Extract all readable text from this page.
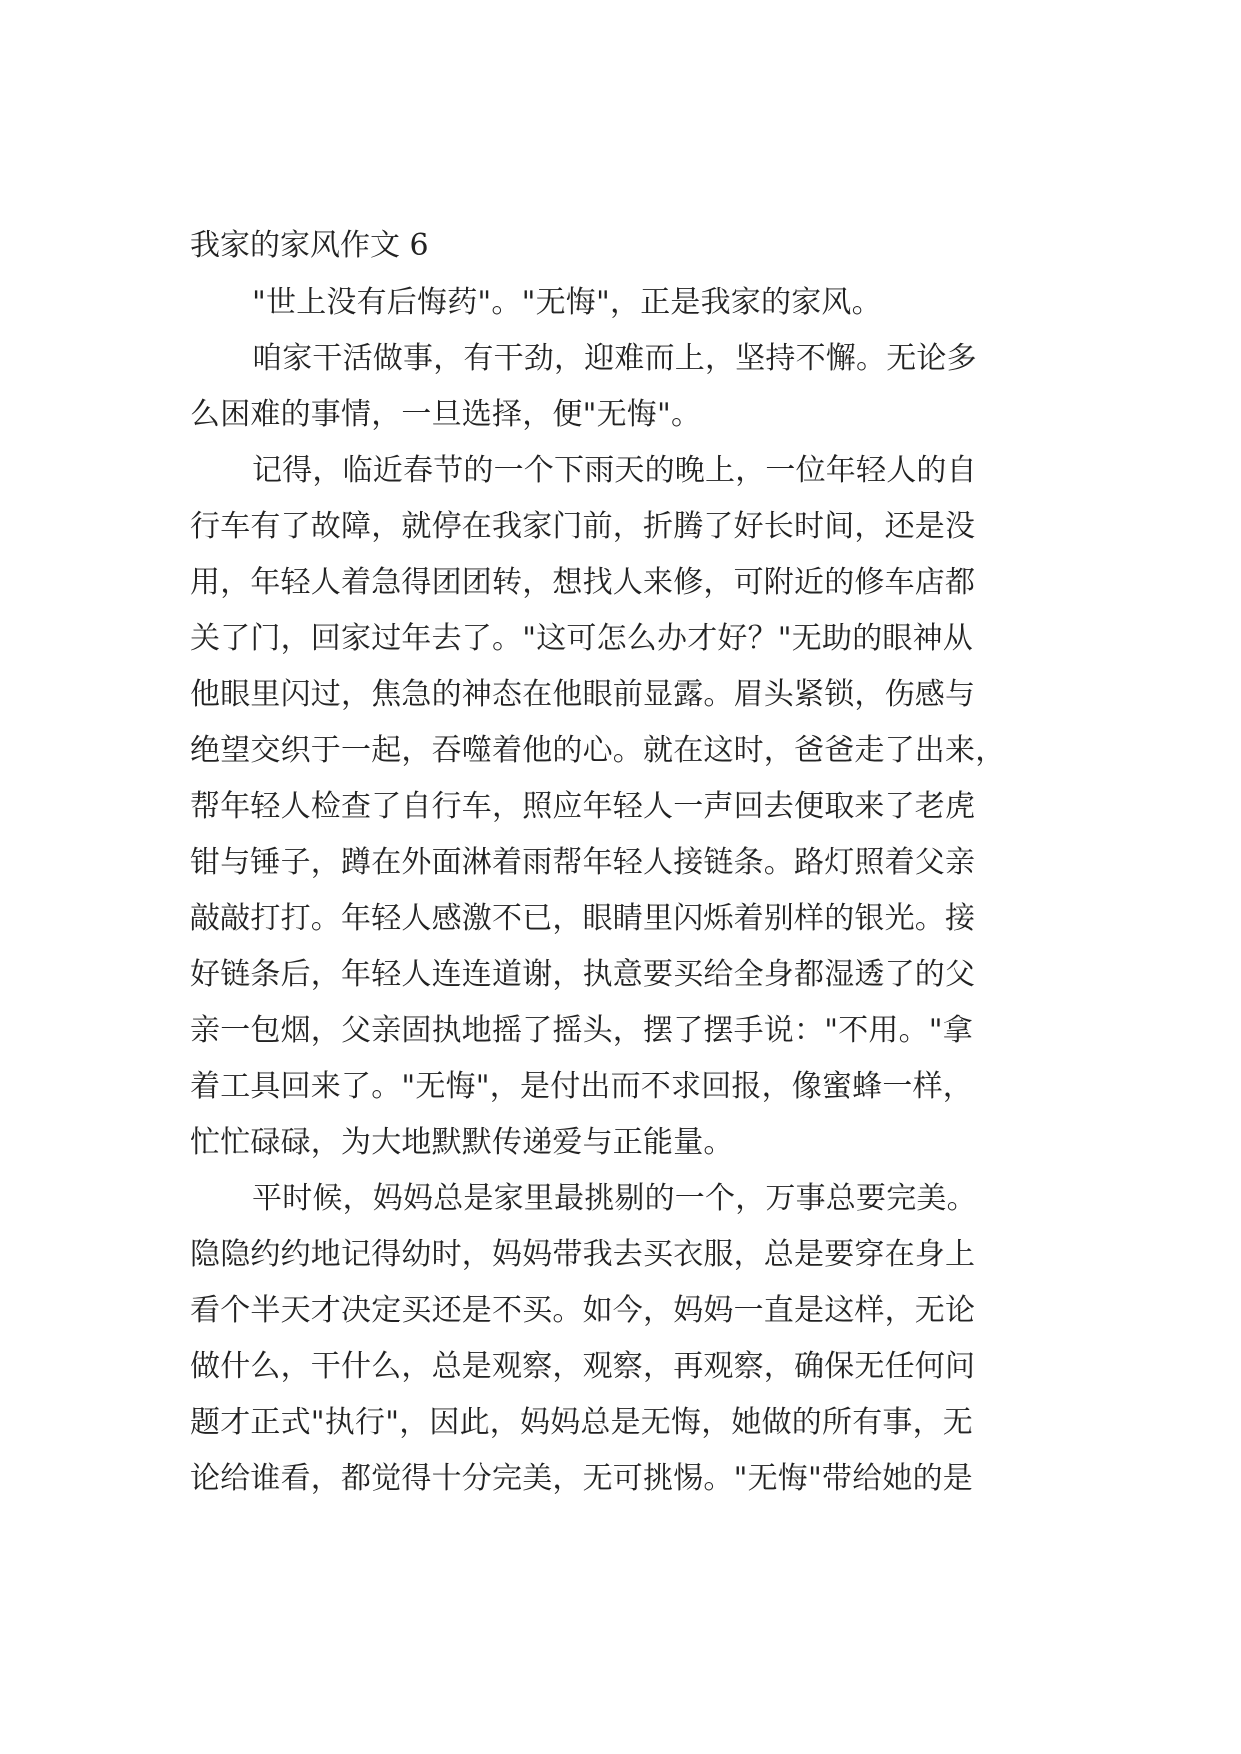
我家的家风作文 6
"世上没有后悔药"。"无悔"，正是我家的家风。
咱家干活做事，有干劲，迎难而上，坚持不懈。无论多
么困难的事情，一旦选择，便"无悔"。
记得，临近春节的一个下雨天的晚上，一位年轻人的自
行车有了故障，就停在我家门前，折腾了好长时间，还是没
用，年轻人着急得团团转，想找人来修，可附近的修车店都
关了门，回家过年去了。"这可怎么办才好？"无助的眼神从
他眼里闪过，焦急的神态在他眼前显露。眉头紧锁，伤感与
绝望交织于一起，吞噬着他的心。就在这时，爸爸走了出来，
帮年轻人检查了自行车，照应年轻人一声回去便取来了老虎
钳与锤子，蹲在外面淋着雨帮年轻人接链条。路灯照着父亲
敲敲打打。年轻人感激不已，眼睛里闪烁着别样的银光。接
好链条后，年轻人连连道谢，执意要买给全身都湿透了的父
亲一包烟，父亲固执地摇了摇头，摆了摆手说："不用。"拿
着工具回来了。"无悔"，是付出而不求回报，像蜜蜂一样，
忙忙碌碌，为大地默默传递爱与正能量。
平时候，妈妈总是家里最挑剔的一个，万事总要完美。
隐隐约约地记得幼时，妈妈带我去买衣服，总是要穿在身上
看个半天才决定买还是不买。如今，妈妈一直是这样，无论
做什么，干什么，总是观察，观察，再观察，确保无任何问
题才正式"执行"，因此，妈妈总是无悔，她做的所有事，无
论给谁看，都觉得十分完美，无可挑惕。"无悔"带给她的是
